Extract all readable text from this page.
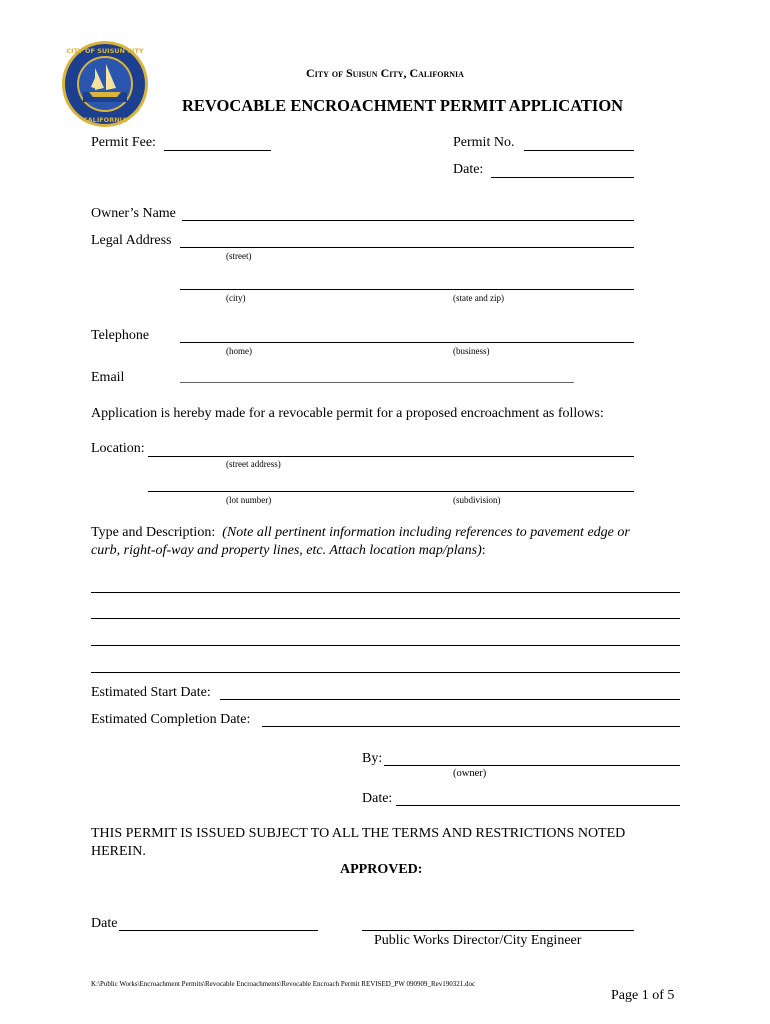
CITY OF SUISUN CITY
CALIFORNIA
City of Suisun City, California
REVOCABLE ENCROACHMENT PERMIT APPLICATION
Permit Fee:	Permit No.
Date:
Owner’s Name
Legal Address
(street)
(city)	(state and zip)
Telephone
(home)	(business)
Email	_______________________________________________________________
Application is hereby made for a revocable permit for a proposed encroachment as follows:
Location:
(street address)
(lot number)	(subdivision)
Type and Description: (Note all pertinent information including references to pavement edge or
curb, right-of-way and property lines, etc. Attach location map/plans):
Estimated Start Date:
Estimated Completion Date:
By:
(owner)
Date:
THIS PERMIT IS ISSUED SUBJECT TO ALL THE TERMS AND RESTRICTIONS NOTED
HEREIN.
APPROVED:
Date
Public Works Director/City Engineer
K:\Public Works\Encroachment Permits\Revocable Encroachments\Revocable Encroach Permit REVISED_PW 090909_Rev190321.doc
Page 1 of 5
